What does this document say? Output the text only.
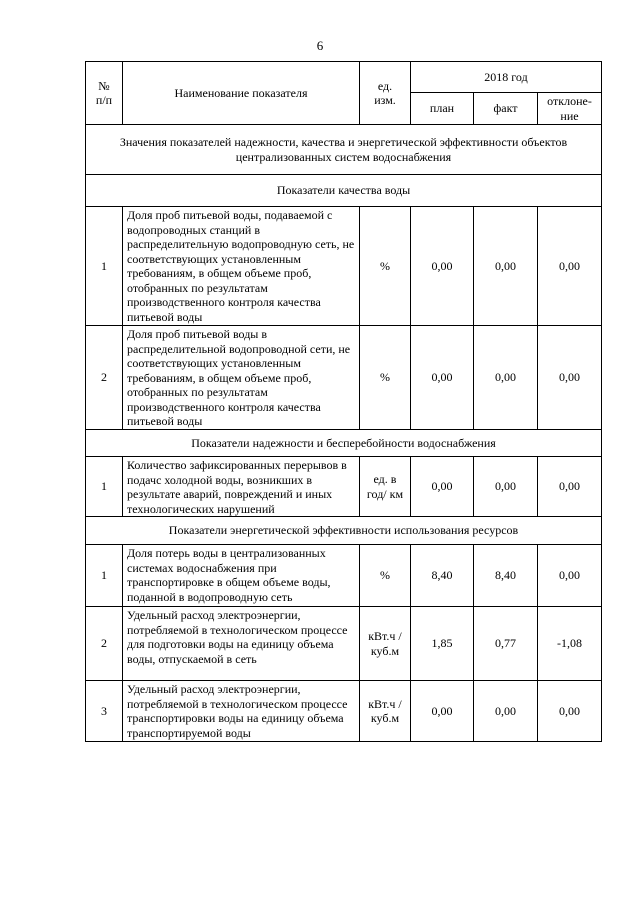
6
№ п/п	Наименование показателя	ед. изм.	2018 год		
			план	факт	отклоне-ние
Значения показателей надежности, качества и энергетической эффективности объектов централизованных систем водоснабжения					
Показатели качества воды					
1	Доля проб питьевой воды, подаваемой с водопроводных станций в распределительную водопроводную сеть, не соответствующих установленным требованиям, в общем объеме проб, отобранных по результатам производственного контроля качества питьевой воды	%	0,00	0,00	0,00
2	Доля проб питьевой воды в распределительной водопроводной сети, не соответствующих установленным требованиям, в общем объеме проб, отобранных по результатам производственного контроля качества питьевой воды	%	0,00	0,00	0,00
Показатели надежности и бесперебойности водоснабжения					
1	Количество зафиксированных перерывов в подачс холодной воды, возникших в результате аварий, повреждений и иных технологических нарушений	ед. в год/ км	0,00	0,00	0,00
Показатели энергетической эффективности использования ресурсов					
1	Доля потерь воды в централизованных системах водоснабжения при транспортировке в общем объеме воды, поданной в водопроводную сеть	%	8,40	8,40	0,00
2	Удельный расход электроэнергии, потребляемой в технологическом процессе для подготовки воды на единицу объема воды, отпускаемой в сеть	кВт.ч / куб.м	1,85	0,77	-1,08
3	Удельный расход электроэнергии, потребляемой в технологическом процессе транспортировки воды на единицу объема транспортируемой воды	кВт.ч / куб.м	0,00	0,00	0,00
